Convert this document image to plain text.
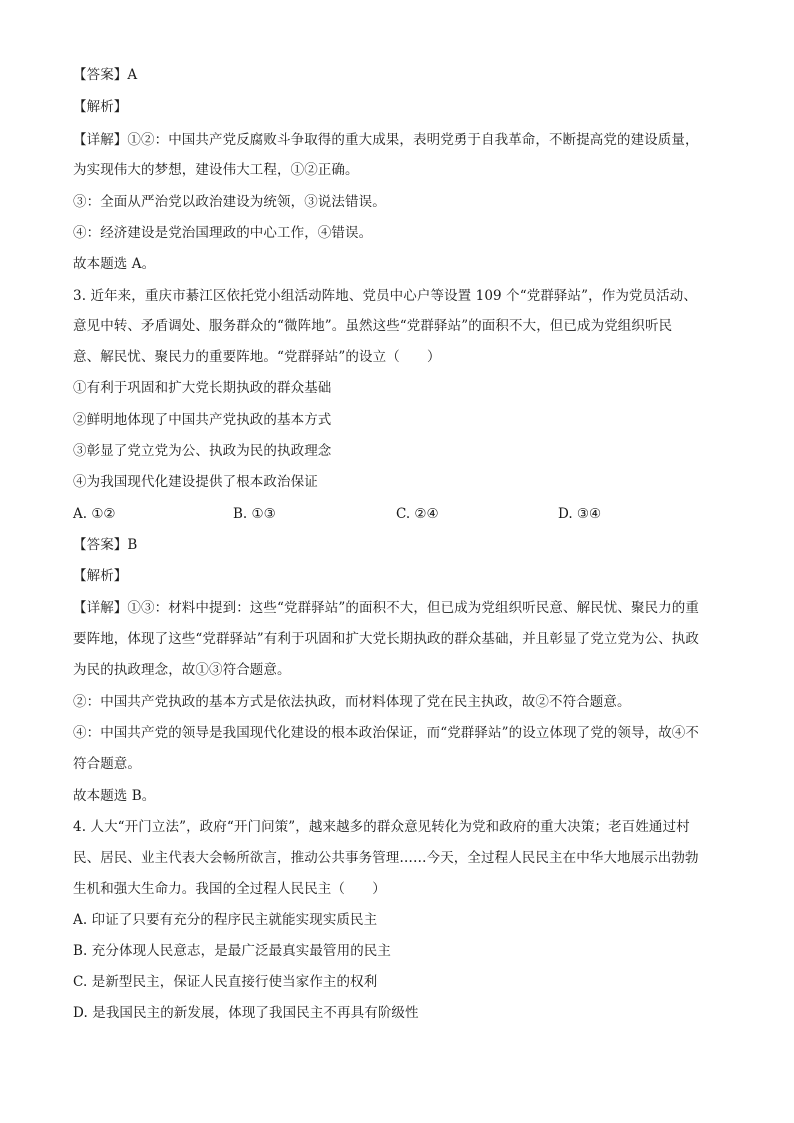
【答案】A
【解析】
【详解】①②：中国共产党反腐败斗争取得的重大成果，表明党勇于自我革命，不断提高党的建设质量，
为实现伟大的梦想，建设伟大工程，①②正确。
③：全面从严治党以政治建设为统领，③说法错误。
④：经济建设是党治国理政的中心工作，④错误。
故本题选 A。
3. 近年来，重庆市綦江区依托党小组活动阵地、党员中心户等设置 109 个“党群驿站”，作为党员活动、
意见中转、矛盾调处、服务群众的“微阵地”。虽然这些“党群驿站”的面积不大，但已成为党组织听民
意、解民忧、聚民力的重要阵地。“党群驿站”的设立（　　）
①有利于巩固和扩大党长期执政的群众基础
②鲜明地体现了中国共产党执政的基本方式
③彰显了党立党为公、执政为民的执政理念
④为我国现代化建设提供了根本政治保证
A. ①②	B. ①③	C. ②④	D. ③④
【答案】B
【解析】
【详解】①③：材料中提到：这些“党群驿站”的面积不大，但已成为党组织听民意、解民忧、聚民力的重
要阵地，体现了这些“党群驿站”有利于巩固和扩大党长期执政的群众基础，并且彰显了党立党为公、执政
为民的执政理念，故①③符合题意。
②：中国共产党执政的基本方式是依法执政，而材料体现了党在民主执政，故②不符合题意。
④：中国共产党的领导是我国现代化建设的根本政治保证，而“党群驿站”的设立体现了党的领导，故④不
符合题意。
故本题选 B。
4. 人大“开门立法”，政府“开门问策”，越来越多的群众意见转化为党和政府的重大决策；老百姓通过村
民、居民、业主代表大会畅所欲言，推动公共事务管理……今天，全过程人民民主在中华大地展示出勃勃
生机和强大生命力。我国的全过程人民民主（　　）
A. 印证了只要有充分的程序民主就能实现实质民主
B. 充分体现人民意志，是最广泛最真实最管用的民主
C. 是新型民主，保证人民直接行使当家作主的权利
D. 是我国民主的新发展，体现了我国民主不再具有阶级性
